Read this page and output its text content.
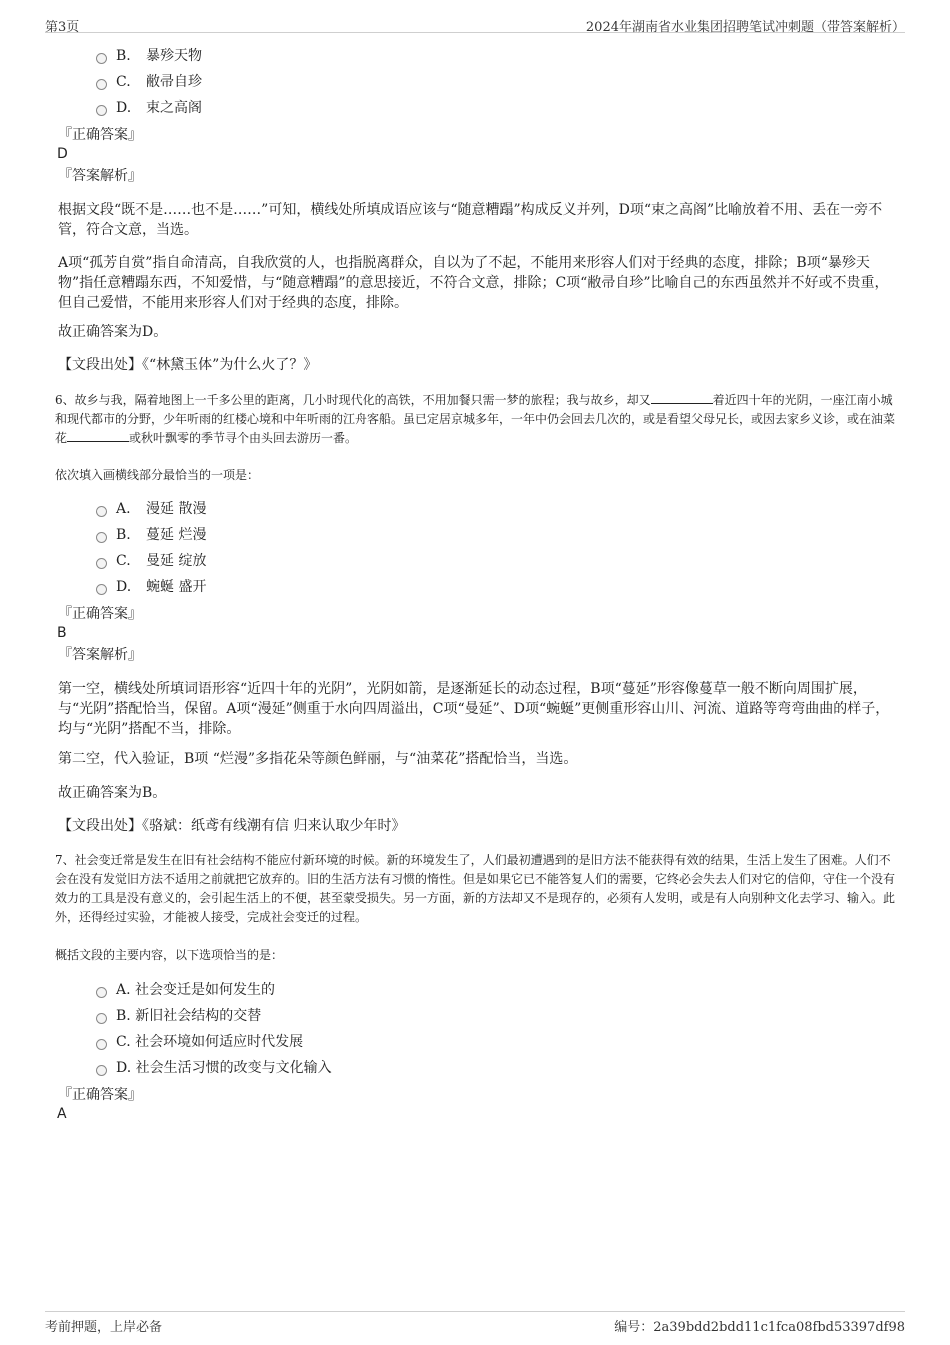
第3页	2024年湖南省水业集团招聘笔试冲刺题（带答案解析）
B. 暴殄天物
C. 敝帚自珍
D. 束之高阁
『正确答案』
D
『答案解析』

根据文段“既不是……也不是……”可知，横线处所填成语应该与“随意糟蹋”构成反义并列，D项“束之高阁”比喻放着不用、丢在一旁不管，符合文意，当选。

A项“孤芳自赏”指自命清高，自我欣赏的人，也指脱离群众，自以为了不起，不能用来形容人们对于经典的态度，排除；B项“暴殄天物”指任意糟蹋东西，不知爱惜，与“随意糟蹋”的意思接近，不符合文意，排除；C项“敝帚自珍”比喻自己的东西虽然并不好或不贵重，但自己爱惜，不能用来形容人们对于经典的态度，排除。

故正确答案为D。

【文段出处】《“林黛玉体”为什么火了？》

6、故乡与我，隔着地图上一千多公里的距离，几小时现代化的高铁，不用加餐只需一梦的旅程；我与故乡，却又	着近四十年的光阴，一座江南小城和现代都市的分野，少年听雨的红楼心境和中年听雨的江舟客船。虽已定居京城多年，一年中仍会回去几次的，或是看望父母兄长，或因去家乡义诊，或在油菜花	或秋叶飘零的季节寻个由头回去游历一番。

依次填入画横线部分最恰当的一项是：
A. 漫延 散漫
B. 蔓延 烂漫
C. 曼延 绽放
D. 蜿蜒 盛开
『正确答案』
B
『答案解析』

第一空，横线处所填词语形容“近四十年的光阴”，光阴如箭，是逐渐延长的动态过程，B项“蔓延”形容像蔓草一般不断向周围扩展，与“光阴”搭配恰当，保留。A项“漫延”侧重于水向四周溢出，C项“曼延”、D项“蜿蜒”更侧重形容山川、河流、道路等弯弯曲曲的样子，均与“光阴”搭配不当，排除。

第二空，代入验证，B项 “烂漫”多指花朵等颜色鲜丽，与“油菜花”搭配恰当，当选。

故正确答案为B。

【文段出处】《骆斌：纸鸢有线潮有信 归来认取少年时》

7、社会变迁常是发生在旧有社会结构不能应付新环境的时候。新的环境发生了，人们最初遭遇到的是旧方法不能获得有效的结果，生活上发生了困难。人们不会在没有发觉旧方法不适用之前就把它放弃的。旧的生活方法有习惯的惰性。但是如果它已不能答复人们的需要，它终必会失去人们对它的信仰，守住一个没有效力的工具是没有意义的，会引起生活上的不便，甚至蒙受损失。另一方面，新的方法却又不是现存的，必须有人发明，或是有人向别种文化去学习、输入。此外，还得经过实验，才能被人接受，完成社会变迁的过程。

概括文段的主要内容，以下选项恰当的是：
A. 社会变迁是如何发生的
B. 新旧社会结构的交替
C. 社会环境如何适应时代发展
D. 社会生活习惯的改变与文化输入
『正确答案』
A
考前押题，上岸必备	编号：2a39bdd2bdd11c1fca08fbd53397df98
